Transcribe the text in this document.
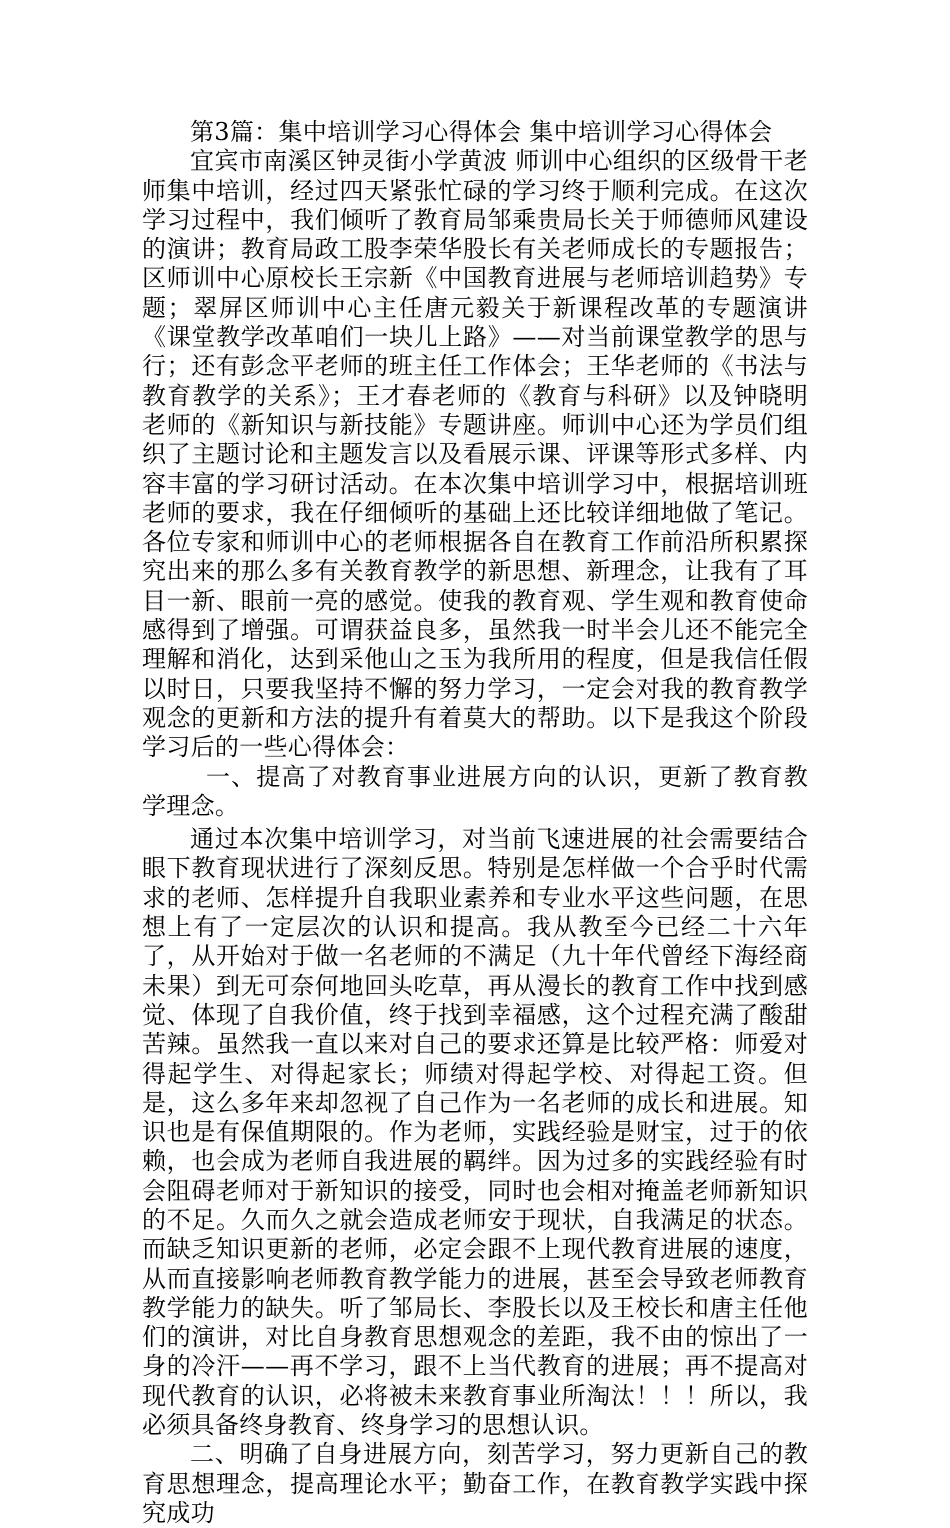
第3篇：集中培训学习心得体会 集中培训学习心得体会

宜宾市南溪区钟灵街小学黄波 师训中心组织的区级骨干老师集中培训，经过四天紧张忙碌的学习终于顺利完成。在这次学习过程中，我们倾听了教育局邹乘贵局长关于师德师风建设的演讲；教育局政工股李荣华股长有关老师成长的专题报告；区师训中心原校长王宗新《中国教育进展与老师培训趋势》专题；翠屏区师训中心主任唐元毅关于新课程改革的专题演讲《课堂教学改革咱们一块儿上路》——对当前课堂教学的思与行；还有彭念平老师的班主任工作体会；王华老师的《书法与教育教学的关系》；王才春老师的《教育与科研》以及钟晓明老师的《新知识与新技能》专题讲座。师训中心还为学员们组织了主题讨论和主题发言以及看展示课、评课等形式多样、内容丰富的学习研讨活动。在本次集中培训学习中，根据培训班老师的要求，我在仔细倾听的基础上还比较详细地做了笔记。各位专家和师训中心的老师根据各自在教育工作前沿所积累探究出来的那么多有关教育教学的新思想、新理念，让我有了耳目一新、眼前一亮的感觉。使我的教育观、学生观和教育使命感得到了增强。可谓获益良多，虽然我一时半会儿还不能完全理解和消化，达到采他山之玉为我所用的程度，但是我信任假以时日，只要我坚持不懈的努力学习，一定会对我的教育教学观念的更新和方法的提升有着莫大的帮助。以下是我这个阶段学习后的一些心得体会：

一、提高了对教育事业进展方向的认识，更新了教育教学理念。

通过本次集中培训学习，对当前飞速进展的社会需要结合眼下教育现状进行了深刻反思。特别是怎样做一个合乎时代需求的老师、怎样提升自我职业素养和专业水平这些问题，在思想上有了一定层次的认识和提高。我从教至今已经二十六年了，从开始对于做一名老师的不满足（九十年代曾经下海经商未果）到无可奈何地回头吃草，再从漫长的教育工作中找到感觉、体现了自我价值，终于找到幸福感，这个过程充满了酸甜苦辣。虽然我一直以来对自己的要求还算是比较严格：师爱对得起学生、对得起家长；师绩对得起学校、对得起工资。但是，这么多年来却忽视了自己作为一名老师的成长和进展。知识也是有保值期限的。作为老师，实践经验是财宝，过于的依赖，也会成为老师自我进展的羁绊。因为过多的实践经验有时会阻碍老师对于新知识的接受，同时也会相对掩盖老师新知识的不足。久而久之就会造成老师安于现状，自我满足的状态。而缺乏知识更新的老师，必定会跟不上现代教育进展的速度，从而直接影响老师教育教学能力的进展，甚至会导致老师教育教学能力的缺失。听了邹局长、李股长以及王校长和唐主任他们的演讲，对比自身教育思想观念的差距，我不由的惊出了一身的冷汗——再不学习，跟不上当代教育的进展；再不提高对现代教育的认识，必将被未来教育事业所淘汰！！！所以，我必须具备终身教育、终身学习的思想认识。

二、明确了自身进展方向，刻苦学习，努力更新自己的教育思想理念，提高理论水平；勤奋工作，在教育教学实践中探究成功
